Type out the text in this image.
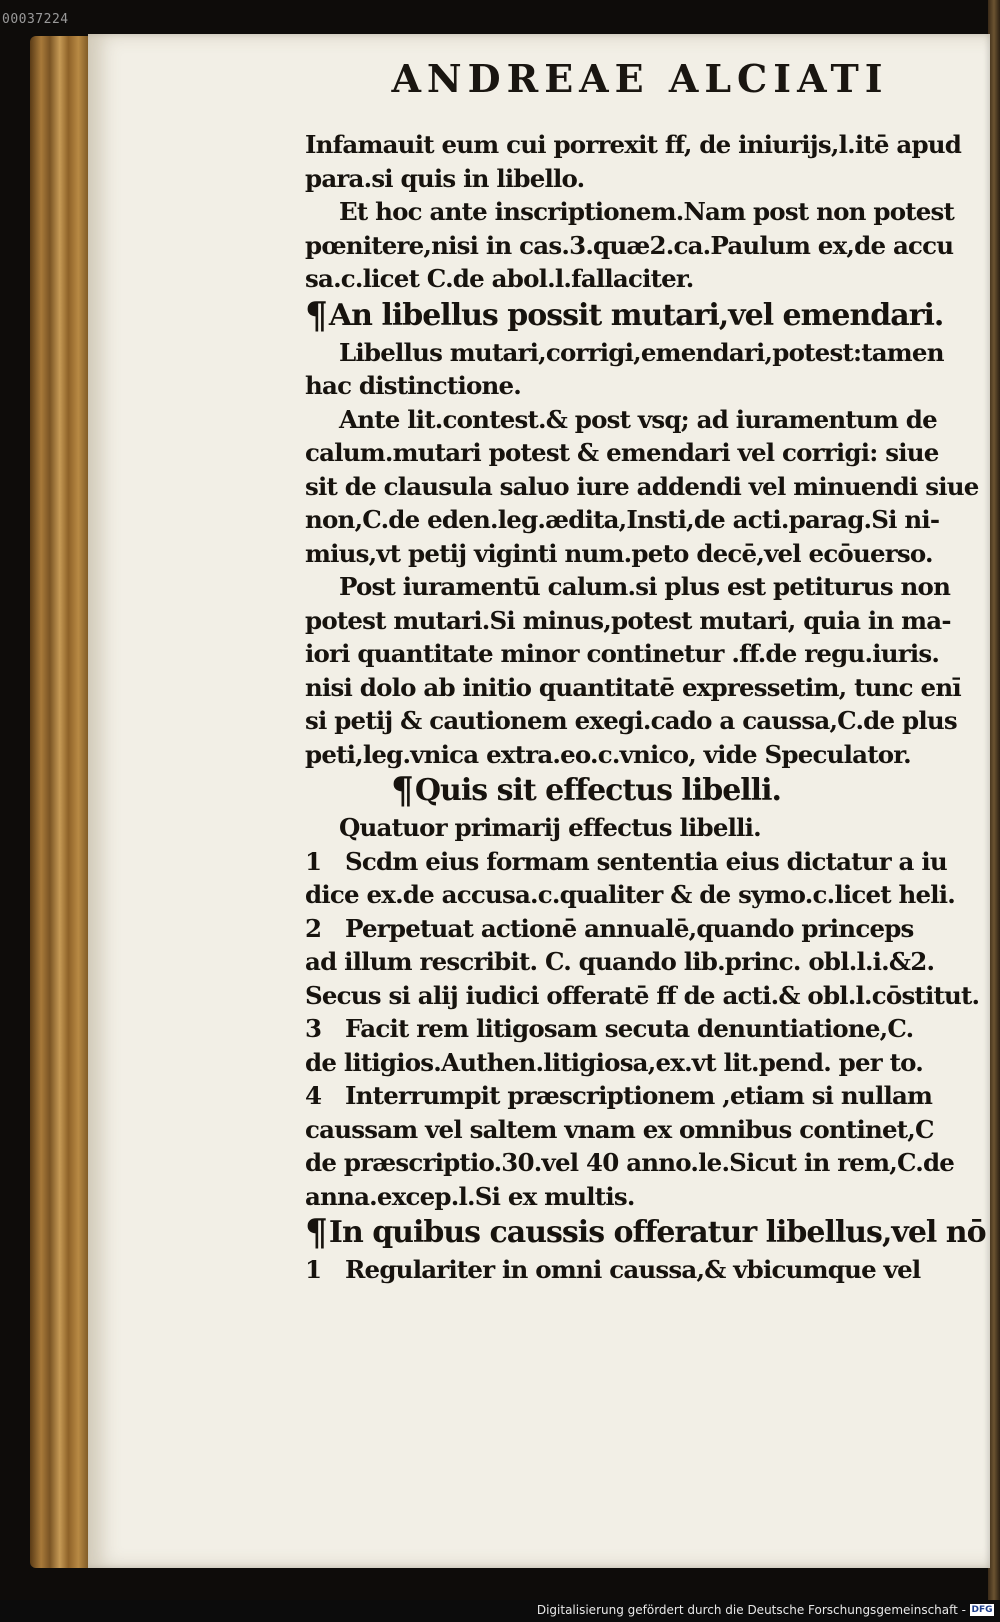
00037224
ANDREAE ALCIATI

Infamauit eum cui porrexit ff, de iniurijs,l.itē apud

para.si quis in libello.

Et hoc ante inscriptionem.Nam post non potest

pœnitere,nisi in cas.3.quæ2.ca.Paulum ex,de accu

sa.c.licet C.de abol.l.fallaciter.

¶An libellus possit mutari,vel emendari.

Libellus mutari,corrigi,emendari,potest:tamen

hac distinctione.

Ante lit.contest.& post vsq; ad iuramentum de

calum.mutari potest & emendari vel corrigi: siue

sit de clausula saluo iure addendi vel minuendi siue

non,C.de eden.leg.ædita,Insti,de acti.parag.Si ni-

mius,vt petij viginti num.peto decē,vel ecōuerso.

Post iuramentū calum.si plus est petiturus non

potest mutari.Si minus,potest mutari, quia in ma-

iori quantitate minor continetur .ff.de regu.iuris.

nisi dolo ab initio quantitatē expressetim, tunc enī

si petij & cautionem exegi.cado a caussa,C.de plus

peti,leg.vnica extra.eo.c.vnico, vide Speculator.

¶Quis sit effectus libelli.

Quatuor primarij effectus libelli.

1 Scdm eius formam sententia eius dictatur a iu

dice ex.de accusa.c.qualiter & de symo.c.licet heli.

2 Perpetuat actionē annualē,quando princeps

ad illum rescribit. C. quando lib.princ. obl.l.i.&2.

Secus si alij iudici offeratē ff de acti.& obl.l.cōstitut.

3 Facit rem litigosam secuta denuntiatione,C.

de litigios.Authen.litigiosa,ex.vt lit.pend. per to.

4 Interrumpit præscriptionem ,etiam si nullam

caussam vel saltem vnam ex omnibus continet,C

de præscriptio.30.vel 40 anno.le.Sicut in rem,C.de

anna.excep.l.Si ex multis.

¶In quibus caussis offeratur libellus,vel nō

1 Regulariter in omni caussa,& vbicumque vel

Digitalisierung gefördert durch die Deutsche Forschungsgemeinschaft - DFG
